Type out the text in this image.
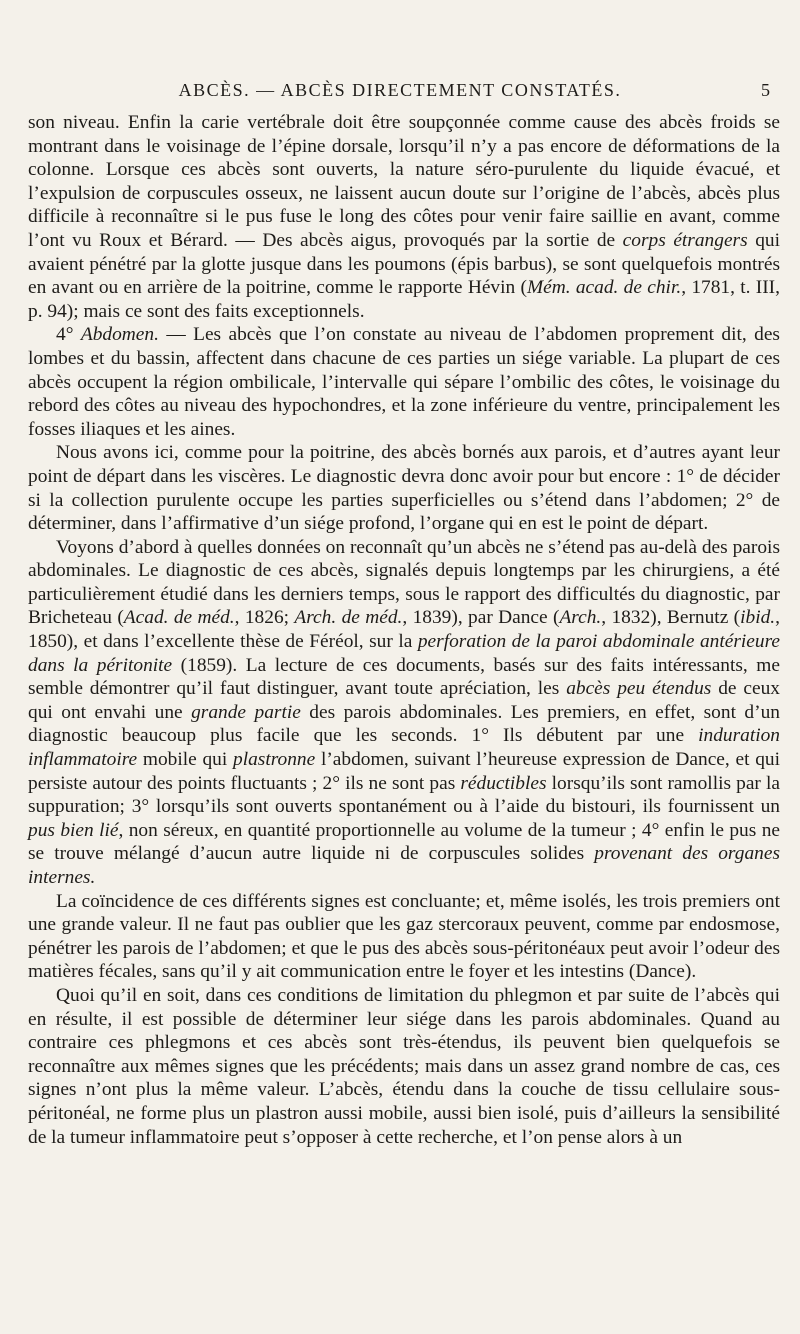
ABCÈS. — ABCÈS DIRECTEMENT CONSTATÉS.	5

son niveau. Enfin la carie vertébrale doit être soupçonnée comme cause des abcès froids se montrant dans le voisinage de l’épine dorsale, lorsqu’il n’y a pas encore de déformations de la colonne. Lorsque ces abcès sont ouverts, la nature séro-purulente du liquide évacué, et l’expulsion de corpuscules osseux, ne laissent aucun doute sur l’origine de l’abcès, abcès plus difficile à reconnaître si le pus fuse le long des côtes pour venir faire saillie en avant, comme l’ont vu Roux et Bérard. — Des abcès aigus, provoqués par la sortie de corps étrangers qui avaient pénétré par la glotte jusque dans les poumons (épis barbus), se sont quelquefois montrés en avant ou en arrière de la poitrine, comme le rapporte Hévin (Mém. acad. de chir., 1781, t. III, p. 94); mais ce sont des faits exceptionnels.

4° Abdomen. — Les abcès que l’on constate au niveau de l’abdomen proprement dit, des lombes et du bassin, affectent dans chacune de ces parties un siége variable. La plupart de ces abcès occupent la région ombilicale, l’intervalle qui sépare l’ombilic des côtes, le voisinage du rebord des côtes au niveau des hypochondres, et la zone inférieure du ventre, principalement les fosses iliaques et les aines.

Nous avons ici, comme pour la poitrine, des abcès bornés aux parois, et d’autres ayant leur point de départ dans les viscères. Le diagnostic devra donc avoir pour but encore : 1° de décider si la collection purulente occupe les parties superficielles ou s’étend dans l’abdomen; 2° de déterminer, dans l’affirmative d’un siége profond, l’organe qui en est le point de départ.

Voyons d’abord à quelles données on reconnaît qu’un abcès ne s’étend pas au-delà des parois abdominales. Le diagnostic de ces abcès, signalés depuis longtemps par les chirurgiens, a été particulièrement étudié dans les derniers temps, sous le rapport des difficultés du diagnostic, par Bricheteau (Acad. de méd., 1826; Arch. de méd., 1839), par Dance (Arch., 1832), Bernutz (ibid., 1850), et dans l’excellente thèse de Féréol, sur la perforation de la paroi abdominale antérieure dans la péritonite (1859). La lecture de ces documents, basés sur des faits intéressants, me semble démontrer qu’il faut distinguer, avant toute apréciation, les abcès peu étendus de ceux qui ont envahi une grande partie des parois abdominales. Les premiers, en effet, sont d’un diagnostic beaucoup plus facile que les seconds. 1° Ils débutent par une induration inflammatoire mobile qui plastronne l’abdomen, suivant l’heureuse expression de Dance, et qui persiste autour des points fluctuants ; 2° ils ne sont pas réductibles lorsqu’ils sont ramollis par la suppuration; 3° lorsqu’ils sont ouverts spontanément ou à l’aide du bistouri, ils fournissent un pus bien lié, non séreux, en quantité proportionnelle au volume de la tumeur ; 4° enfin le pus ne se trouve mélangé d’aucun autre liquide ni de corpuscules solides provenant des organes internes.

La coïncidence de ces différents signes est concluante; et, même isolés, les trois premiers ont une grande valeur. Il ne faut pas oublier que les gaz stercoraux peuvent, comme par endosmose, pénétrer les parois de l’abdomen; et que le pus des abcès sous-péritonéaux peut avoir l’odeur des matières fécales, sans qu’il y ait communication entre le foyer et les intestins (Dance).

Quoi qu’il en soit, dans ces conditions de limitation du phlegmon et par suite de l’abcès qui en résulte, il est possible de déterminer leur siége dans les parois abdominales. Quand au contraire ces phlegmons et ces abcès sont très-étendus, ils peuvent bien quelquefois se reconnaître aux mêmes signes que les précédents; mais dans un assez grand nombre de cas, ces signes n’ont plus la même valeur. L’abcès, étendu dans la couche de tissu cellulaire sous-péritonéal, ne forme plus un plastron aussi mobile, aussi bien isolé, puis d’ailleurs la sensibilité de la tumeur inflammatoire peut s’opposer à cette recherche, et l’on pense alors à un
